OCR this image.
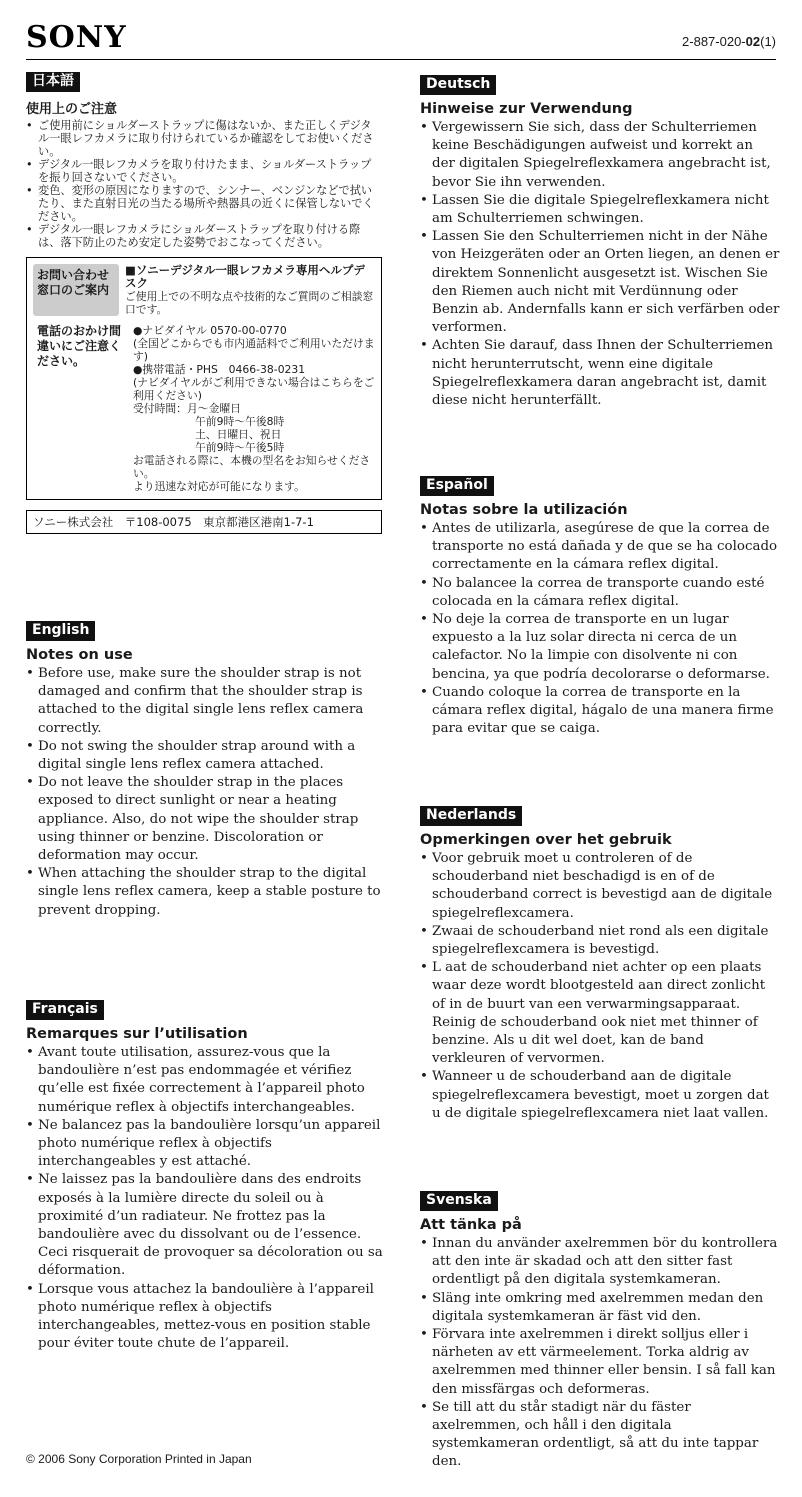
SONY	2-887-020-02(1)
日本語
使用上のご注意
• ご使用前にショルダーストラップに傷はないか、また正しくデジタル一眼レフカメラに取り付けられているか確認をしてお使いください。
• デジタル一眼レフカメラを取り付けたまま、ショルダーストラップを振り回さないでください。
• 変色、変形の原因になりますので、シンナー、ベンジンなどで拭いたり、また直射日光の当たる場所や熱器具の近くに保管しないでください。
• デジタル一眼レフカメラにショルダーストラップを取り付ける際は、落下防止のため安定した姿勢でおこなってください。
お問い合わせ窓口のご案内
■ソニーデジタル一眼レフカメラ専用ヘルプデスク
ご使用上での不明な点や技術的なご質問のご相談窓口です。
電話のおかけ間違いにご注意ください。
●ナビダイヤル 0570-00-0770
(全国どこからでも市内通話料でご利用いただけます)
●携帯電話・PHS　0466-38-0231
(ナビダイヤルがご利用できない場合はこちらをご利用ください)
受付時間：月～金曜日
午前9時～午後8時
土、日曜日、祝日
午前9時～午後5時
お電話される際に、本機の型名をお知らせください。
より迅速な対応が可能になります。
ソニー株式会社　〒108-0075　東京都港区港南1-7-1
English
Notes on use
• Before use, make sure the shoulder strap is not damaged and confirm that the shoulder strap is attached to the digital single lens reflex camera correctly.
• Do not swing the shoulder strap around with a digital single lens reflex camera attached.
• Do not leave the shoulder strap in the places exposed to direct sunlight or near a heating appliance. Also, do not wipe the shoulder strap using thinner or benzine. Discoloration or deformation may occur.
• When attaching the shoulder strap to the digital single lens reflex camera, keep a stable posture to prevent dropping.
Français
Remarques sur l’utilisation
• Avant toute utilisation, assurez-vous que la bandoulière n’est pas endommagée et vérifiez qu’elle est fixée correctement à l’appareil photo numérique reflex à objectifs interchangeables.
• Ne balancez pas la bandoulière lorsqu’un appareil photo numérique reflex à objectifs interchangeables y est attaché.
• Ne laissez pas la bandoulière dans des endroits exposés à la lumière directe du soleil ou à proximité d’un radiateur. Ne frottez pas la bandoulière avec du dissolvant ou de l’essence. Ceci risquerait de provoquer sa décoloration ou sa déformation.
• Lorsque vous attachez la bandoulière à l’appareil photo numérique reflex à objectifs interchangeables, mettez-vous en position stable pour éviter toute chute de l’appareil.
Deutsch
Hinweise zur Verwendung
• Vergewissern Sie sich, dass der Schulterriemen keine Beschädigungen aufweist und korrekt an der digitalen Spiegelreflexkamera angebracht ist, bevor Sie ihn verwenden.
• Lassen Sie die digitale Spiegelreflexkamera nicht am Schulterriemen schwingen.
• Lassen Sie den Schulterriemen nicht in der Nähe von Heizgeräten oder an Orten liegen, an denen er direktem Sonnenlicht ausgesetzt ist. Wischen Sie den Riemen auch nicht mit Verdünnung oder Benzin ab. Andernfalls kann er sich verfärben oder verformen.
• Achten Sie darauf, dass Ihnen der Schulterriemen nicht herunterrutscht, wenn eine digitale Spiegelreflexkamera daran angebracht ist, damit diese nicht herunterfällt.
Español
Notas sobre la utilización
• Antes de utilizarla, asegúrese de que la correa de transporte no está dañada y de que se ha colocado correctamente en la cámara reflex digital.
• No balancee la correa de transporte cuando esté colocada en la cámara reflex digital.
• No deje la correa de transporte en un lugar expuesto a la luz solar directa ni cerca de un calefactor. No la limpie con disolvente ni con bencina, ya que podría decolorarse o deformarse.
• Cuando coloque la correa de transporte en la cámara reflex digital, hágalo de una manera firme para evitar que se caiga.
Nederlands
Opmerkingen over het gebruik
• Voor gebruik moet u controleren of de schouderband niet beschadigd is en of de schouderband correct is bevestigd aan de digitale spiegelreflexcamera.
• Zwaai de schouderband niet rond als een digitale spiegelreflexcamera is bevestigd.
• L aat de schouderband niet achter op een plaats waar deze wordt blootgesteld aan direct zonlicht of in de buurt van een verwarmingsapparaat. Reinig de schouderband ook niet met thinner of benzine. Als u dit wel doet, kan de band verkleuren of vervormen.
• Wanneer u de schouderband aan de digitale spiegelreflexcamera bevestigt, moet u zorgen dat u de digitale spiegelreflexcamera niet laat vallen.
Svenska
Att tänka på
• Innan du använder axelremmen bör du kontrollera att den inte är skadad och att den sitter fast ordentligt på den digitala systemkameran.
• Släng inte omkring med axelremmen medan den digitala systemkameran är fäst vid den.
• Förvara inte axelremmen i direkt solljus eller i närheten av ett värmeelement. Torka aldrig av axelremmen med thinner eller bensin. I så fall kan den missfärgas och deformeras.
• Se till att du står stadigt när du fäster axelremmen, och håll i den digitala systemkameran ordentligt, så att du inte tappar den.
© 2006 Sony Corporation Printed in Japan
